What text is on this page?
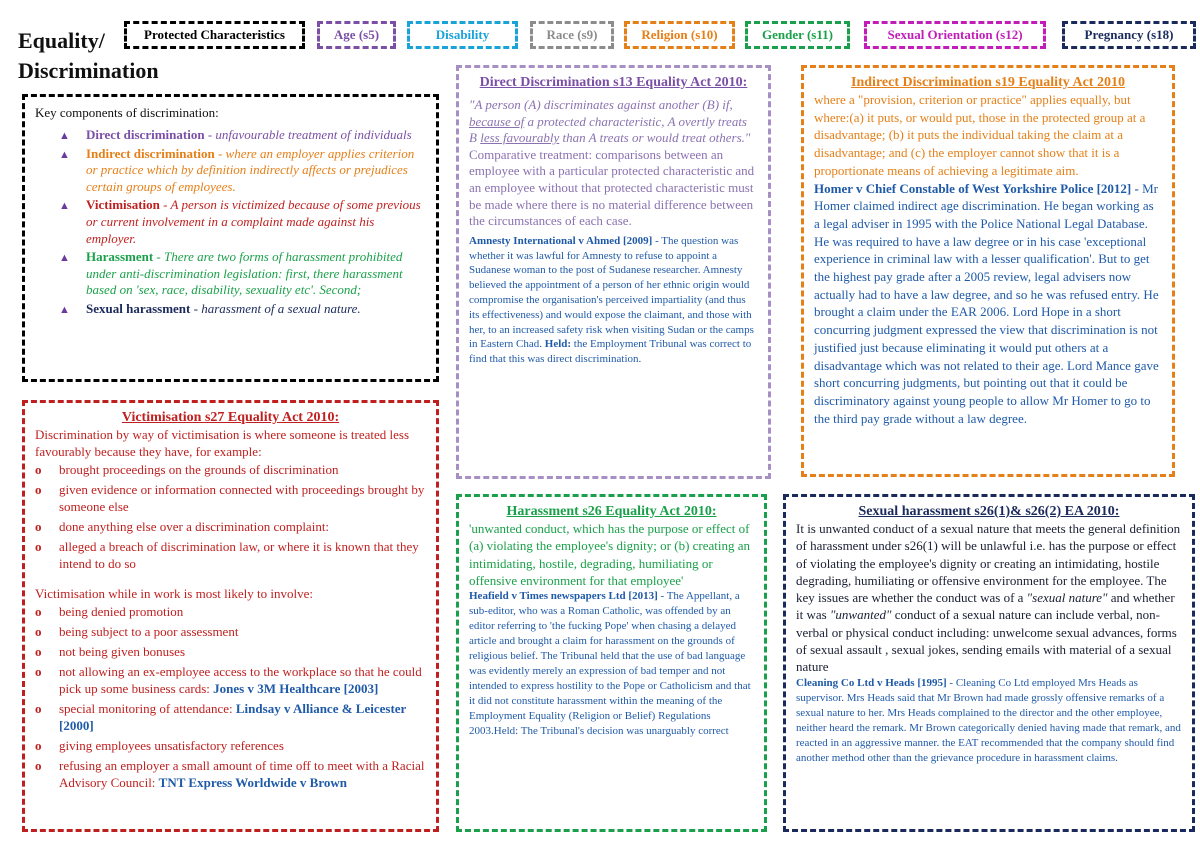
Equality/
Discrimination
Protected Characteristics	Age (s5)	Disability	Race (s9)	Religion (s10)	Gender (s11)	Sexual Orientation (s12)	Pregnancy (s18)

Key components of discrimination:

▲ Direct discrimination - unfavourable treatment of individuals
▲ Indirect discrimination - where an employer applies criterion or practice which by definition indirectly affects or prejudices certain groups of employees.
▲ Victimisation - A person is victimized because of some previous or current involvement in a complaint made against his employer.
▲ Harassment - There are two forms of harassment prohibited under anti-discrimination legislation: first, there harassment based on 'sex, race, disability, sexuality etc'. Second;
▲ Sexual harassment - harassment of a sexual nature.
Victimisation s27 Equality Act 2010:

Discrimination by way of victimisation is where someone is treated less favourably because they have, for example:

o brought proceedings on the grounds of discrimination
o given evidence or information connected with proceedings brought by someone else
o done anything else over a discrimination complaint:
o alleged a breach of discrimination law, or where it is known that they intend to do so

Victimisation while in work is most likely to involve:

o being denied promotion
o being subject to a poor assessment
o not being given bonuses
o not allowing an ex-employee access to the workplace so that he could pick up some business cards: Jones v 3M Healthcare [2003]
o special monitoring of attendance: Lindsay v Alliance & Leicester [2000]
o giving employees unsatisfactory references
o refusing an employer a small amount of time off to meet with a Racial Advisory Council: TNT Express Worldwide v Brown
Direct Discrimination s13 Equality Act 2010:

"A person (A) discriminates against another (B) if, because of a protected characteristic, A overtly treats B less favourably than A treats or would treat others."

Comparative treatment: comparisons between an employee with a particular protected characteristic and an employee without that protected characteristic must be made where there is no material difference between the circumstances of each case.

Amnesty International v Ahmed [2009] - The question was whether it was lawful for Amnesty to refuse to appoint a Sudanese woman to the post of Sudanese researcher. Amnesty believed the appointment of a person of her ethnic origin would compromise the organisation's perceived impartiality (and thus its effectiveness) and would expose the claimant, and those with her, to an increased safety risk when visiting Sudan or the camps in Eastern Chad. Held: the Employment Tribunal was correct to find that this was direct discrimination.

Indirect Discrimination s19 Equality Act 2010

where a "provision, criterion or practice" applies equally, but where:(a) it puts, or would put, those in the protected group at a disadvantage; (b) it puts the individual taking the claim at a disadvantage; and (c) the employer cannot show that it is a proportionate means of achieving a legitimate aim.

Homer v Chief Constable of West Yorkshire Police [2012] - Mr Homer claimed indirect age discrimination. He began working as a legal adviser in 1995 with the Police National Legal Database. He was required to have a law degree or in his case 'exceptional experience in criminal law with a lesser qualification'. But to get the highest pay grade after a 2005 review, legal advisers now actually had to have a law degree, and so he was refused entry. He brought a claim under the EAR 2006. Lord Hope in a short concurring judgment expressed the view that discrimination is not justified just because eliminating it would put others at a disadvantage which was not related to their age. Lord Mance gave short concurring judgments, but pointing out that it could be discriminatory against young people to allow Mr Homer to go to the third pay grade without a law degree.

Harassment s26 Equality Act 2010:

'unwanted conduct, which has the purpose or effect of (a) violating the employee's dignity; or (b) creating an intimidating, hostile, degrading, humiliating or offensive environment for that employee'

Heafield v Times newspapers Ltd [2013] - The Appellant, a sub-editor, who was a Roman Catholic, was offended by an editor referring to 'the fucking Pope' when chasing a delayed article and brought a claim for harassment on the grounds of religious belief. The Tribunal held that the use of bad language was evidently merely an expression of bad temper and not intended to express hostility to the Pope or Catholicism and that it did not constitute harassment within the meaning of the Employment Equality (Religion or Belief) Regulations 2003.Held: The Tribunal's decision was unarguably correct

Sexual harassment s26(1)& s26(2) EA 2010:

It is unwanted conduct of a sexual nature that meets the general definition of harassment under s26(1) will be unlawful i.e. has the purpose or effect of violating the employee's dignity or creating an intimidating, hostile degrading, humiliating or offensive environment for the employee. The key issues are whether the conduct was of a "sexual nature" and whether it was "unwanted" conduct of a sexual nature can include verbal, non-verbal or physical conduct including: unwelcome sexual advances, forms of sexual assault , sexual jokes, sending emails with material of a sexual nature

Cleaning Co Ltd v Heads [1995] - Cleaning Co Ltd employed Mrs Heads as supervisor. Mrs Heads said that Mr Brown had made grossly offensive remarks of a sexual nature to her. Mrs Heads complained to the director and the other employee, neither heard the remark. Mr Brown categorically denied having made that remark, and reacted in an aggressive manner. the EAT recommended that the company should find another method other than the grievance procedure in harassment claims.
